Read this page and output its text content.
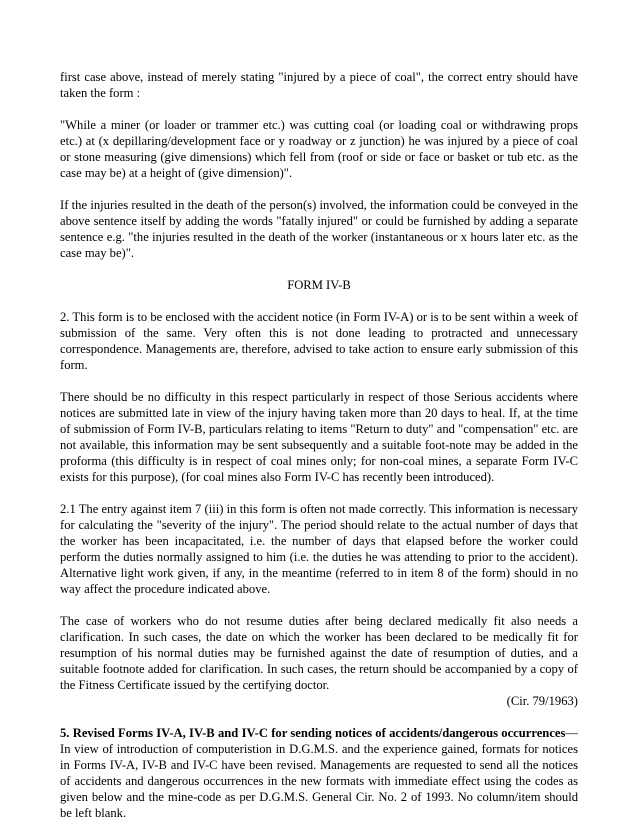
first case above, instead of merely stating "injured by a piece of coal", the correct entry should have taken the form :

"While a miner (or loader or trammer etc.) was cutting coal (or loading coal or withdrawing props etc.) at (x depillaring/development face or y roadway or z junction) he was injured by a piece of coal or stone measuring (give dimensions) which fell from (roof or side or face or basket or tub etc. as the case may be) at a height of (give dimension)".

If the injuries resulted in the death of the person(s) involved, the information could be conveyed in the above sentence itself by adding the words "fatally injured" or could be furnished by adding a separate sentence e.g. "the injuries resulted in the death of the worker (instantaneous or x hours later etc. as the case may be)".

FORM IV-B

2. This form is to be enclosed with the accident notice (in Form IV-A) or is to be sent within a week of submission of the same. Very often this is not done leading to protracted and unnecessary correspondence. Managements are, therefore, advised to take action to ensure early submission of this form.

There should be no difficulty in this respect particularly in respect of those Serious accidents where notices are submitted late in view of the injury having taken more than 20 days to heal. If, at the time of submission of Form IV-B, particulars relating to items "Return to duty" and "compensation" etc. are not available, this information may be sent subsequently and a suitable foot-note may be added in the proforma (this difficulty is in respect of coal mines only; for non-coal mines, a separate Form IV-C exists for this purpose), (for coal mines also Form IV-C has recently been introduced).

2.1 The entry against item 7 (iii) in this form is often not made correctly. This information is necessary for calculating the "severity of the injury". The period should relate to the actual number of days that the worker has been incapacitated, i.e. the number of days that elapsed before the worker could perform the duties normally assigned to him (i.e. the duties he was attending to prior to the accident). Alternative light work given, if any, in the meantime (referred to in item 8 of the form) should in no way affect the procedure indicated above.

The case of workers who do not resume duties after being declared medically fit also needs a clarification. In such cases, the date on which the worker has been declared to be medically fit for resumption of his normal duties may be furnished against the date of resumption of duties, and a suitable footnote added for clarification. In such cases, the return should be accompanied by a copy of the Fitness Certificate issued by the certifying doctor.

(Cir. 79/1963)

5. Revised Forms IV-A, IV-B and IV-C for sending notices of accidents/dangerous occurrences— In view of introduction of computeristion in D.G.M.S. and the experience gained, formats for notices in Forms IV-A, IV-B and IV-C have been revised. Managements are requested to send all the notices of accidents and dangerous occurrences in the new formats with immediate effect using the codes as given below and the mine-code as per D.G.M.S. General Cir. No. 2 of 1993. No column/item should be left blank.
